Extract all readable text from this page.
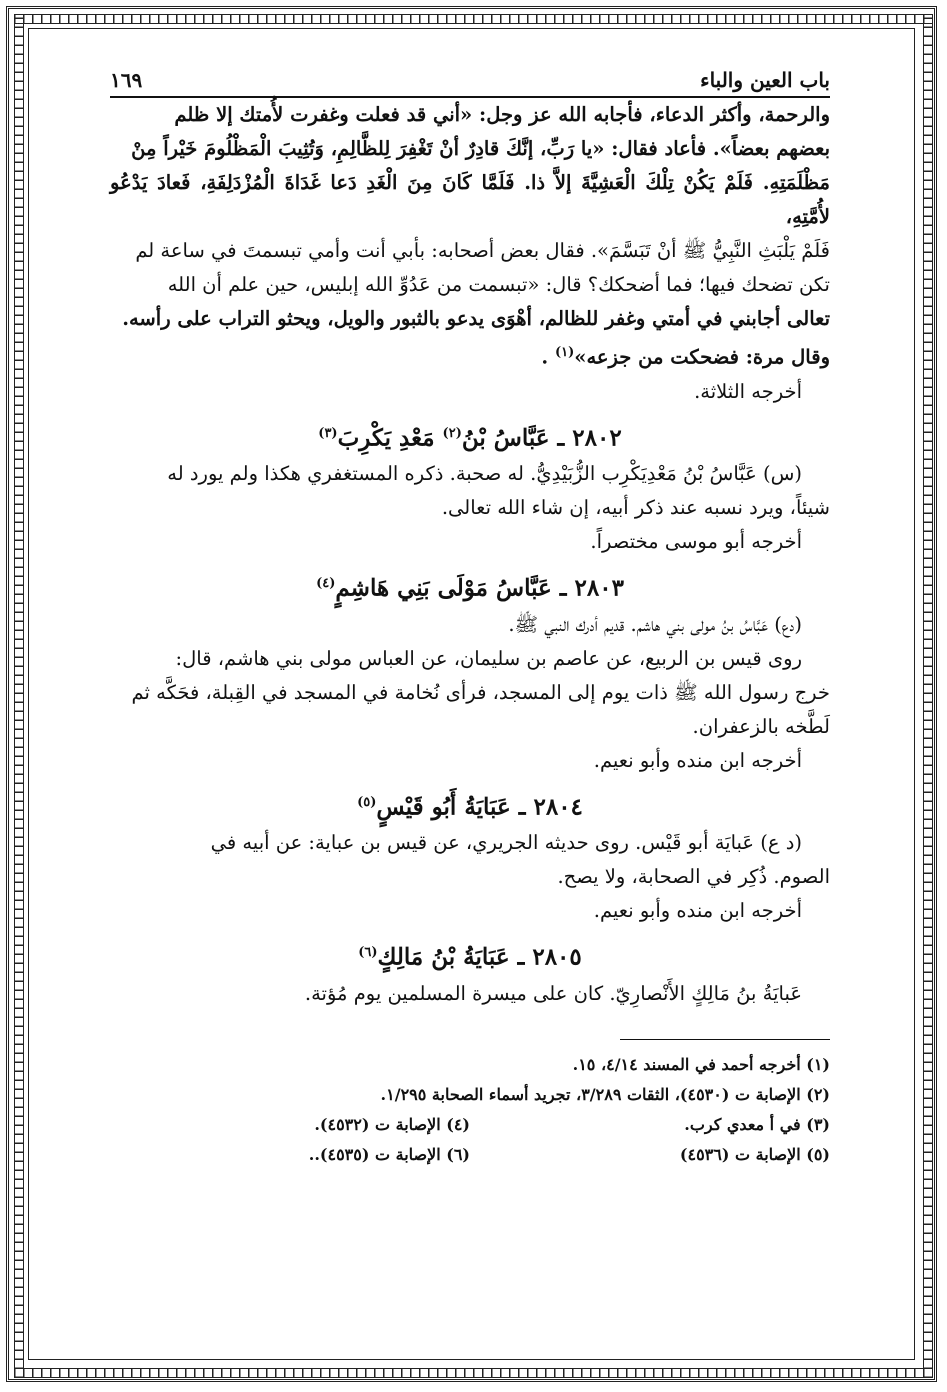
باب العين والباء
١٦٩

والرحمة، وأكثر الدعاء، فأجابه الله عز وجل: «أني قد فعلت وغفرت لأُمتك إلا ظلم

بعضهم بعضاً». فأعاد فقال: «يا رَبِّ، إنَّكَ قادِرٌ أنْ تَغْفِرَ لِلظَّالِمِ، وَتُثِيبَ الْمَظْلُومَ خَيْراً مِنْ

مَظْلَمَتِهِ. فَلَمْ يَكُنْ تِلْكَ الْعَشِيَّةَ إلاَّ ذا. فَلَمَّا كَانَ مِنَ الْغَدِ دَعا غَدَاةَ الْمُزْدَلِفَةِ، فَعادَ يَدْعُو لأُمَّتِهِ،

فَلَمْ يَلْبَثِ النَّبِيُّ ﷺ أنْ تَبَسَّمَ». فقال بعض أصحابه: بأبي أنت وأمي تبسمتَ في ساعة لم

تكن تضحك فيها؛ فما أضحكك؟ قال: «تبسمت من عَدُوِّ الله إبليس، حين علم أن الله

تعالى أجابني في أمتي وغفر للظالم، أهْوَى يدعو بالثبور والويل، ويحثو التراب على رأسه.

وقال مرة: فضحكت من جزعه»$^{(١)}$ .

أخرجه الثلاثة.

٢٨٠٢ ـ عَبَّاسُ بْنُ$^{(٢)}$ مَعْدِ يَكْرِبَ$^{(٣)}$

(س) عَبَّاسُ بْنُ مَعْدِيَكْرِب الزُّبَيْدِيُّ. له صحبة. ذكره المستغفري هكذا ولم يورد له

شيئاً، ويرد نسبه عند ذكر أبيه، إن شاء الله تعالى.

أخرجه أبو موسى مختصراً.

٢٨٠٣ ـ عَبَّاسُ مَوْلَى بَنِي هَاشِمٍ$^{(٤)}$

(دع) عَبَّاسُ بنُ مولى بني هاشم. قديم أدرك النبي ﷺ.

روى قيس بن الربيع، عن عاصم بن سليمان، عن العباس مولى بني هاشم، قال:

خرج رسول الله ﷺ ذات يوم إلى المسجد، فرأى نُخامة في المسجد في القِبلة، فحَكَّه ثم

لَطَّخه بالزعفران.

أخرجه ابن منده وأبو نعيم.

٢٨٠٤ ـ عَبَايَةُ أَبُو قَيْسٍ$^{(٥)}$

(د ع) عَبايَة أبو قَيْس. روى حديثه الجريري، عن قيس بن عباية: عن أبيه في

الصوم. ذُكِر في الصحابة، ولا يصح.

أخرجه ابن منده وأبو نعيم.

٢٨٠٥ ـ عَبَايَةُ بْنُ مَالِكٍ$^{(٦)}$

عَبايَةُ بنُ مَالِكٍ الأَنْصارِيّ. كان على ميسرة المسلمين يوم مُؤتة.

(١) أخرجه أحمد في المسند ٤/١٤، ١٥.
(٢) الإصابة ت (٤٥٣٠)، الثقات ٣/٢٨٩، تجريد أسماء الصحابة ١/٢٩٥.
(٣) في أ معدي كرب.
(٤) الإصابة ت (٤٥٣٢).
(٥) الإصابة ت (٤٥٣٦)
(٦) الإصابة ت (٤٥٣٥)..
